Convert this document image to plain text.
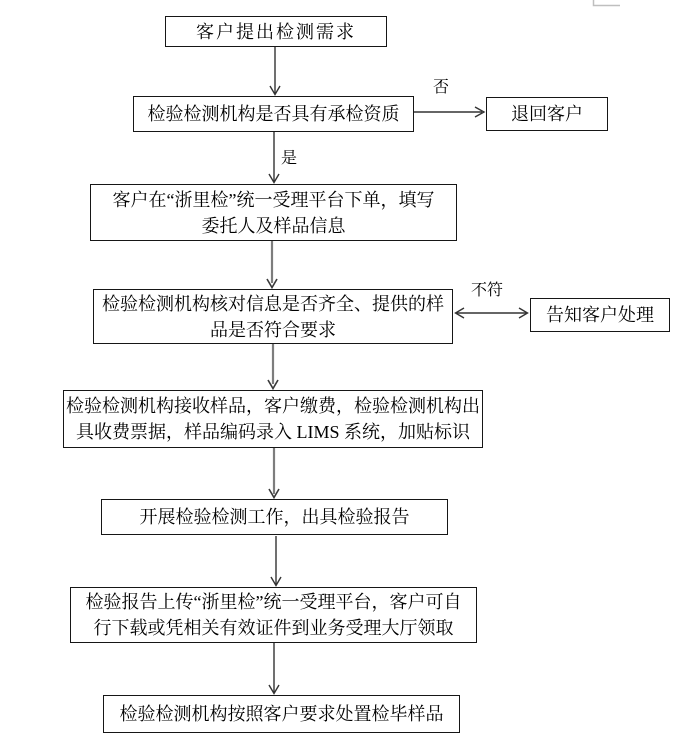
客户提出检测需求
检验检测机构是否具有承检资质	退回客户
客户在“浙里检”统一受理平台下单，填写
委托人及样品信息
检验检测机构核对信息是否齐全、提供的样
品是否符合要求
告知客户处理
检验检测机构接收样品，客户缴费，检验检测机构出
具收费票据，样品编码录入 LIMS 系统，加贴标识
开展检验检测工作，出具检验报告
检验报告上传“浙里检”统一受理平台，客户可自
行下载或凭相关有效证件到业务受理大厅领取
检验检测机构按照客户要求处置检毕样品
否
是
不符
